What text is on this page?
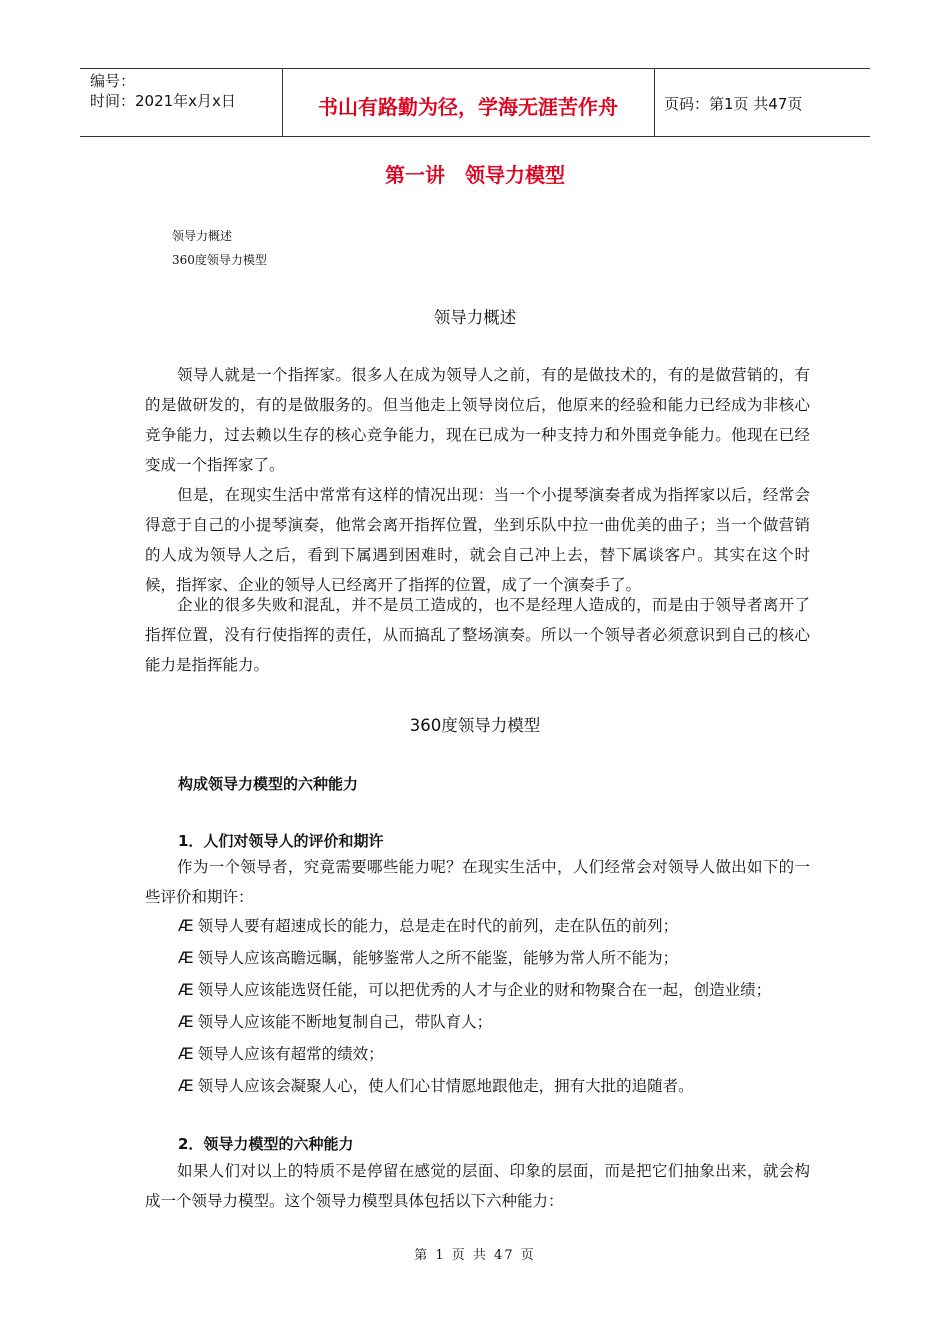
编号：
时间：2021年x月x日	书山有路勤为径，学海无涯苦作舟	页码：第1页 共47页
第一讲　领导力模型
领导力概述
360度领导力模型
领导力概述
领导人就是一个指挥家。很多人在成为领导人之前，有的是做技术的，有的是做营销的，有的是做研发的，有的是做服务的。但当他走上领导岗位后，他原来的经验和能力已经成为非核心竞争能力，过去赖以生存的核心竞争能力，现在已成为一种支持力和外围竞争能力。他现在已经变成一个指挥家了。
但是，在现实生活中常常有这样的情况出现：当一个小提琴演奏者成为指挥家以后，经常会得意于自己的小提琴演奏，他常会离开指挥位置，坐到乐队中拉一曲优美的曲子；当一个做营销的人成为领导人之后，看到下属遇到困难时，就会自己冲上去，替下属谈客户。其实在这个时候，指挥家、企业的领导人已经离开了指挥的位置，成了一个演奏手了。
企业的很多失败和混乱，并不是员工造成的，也不是经理人造成的，而是由于领导者离开了指挥位置，没有行使指挥的责任，从而搞乱了整场演奏。所以一个领导者必须意识到自己的核心能力是指挥能力。
360度领导力模型
构成领导力模型的六种能力
1．人们对领导人的评价和期许
作为一个领导者，究竟需要哪些能力呢？在现实生活中，人们经常会对领导人做出如下的一些评价和期许：
Æ 领导人要有超速成长的能力，总是走在时代的前列，走在队伍的前列；
Æ 领导人应该高瞻远瞩，能够鉴常人之所不能鉴，能够为常人所不能为；
Æ 领导人应该能选贤任能，可以把优秀的人才与企业的财和物聚合在一起，创造业绩；
Æ 领导人应该能不断地复制自己，带队育人；
Æ 领导人应该有超常的绩效；
Æ 领导人应该会凝聚人心，使人们心甘情愿地跟他走，拥有大批的追随者。
2．领导力模型的六种能力
如果人们对以上的特质不是停留在感觉的层面、印象的层面，而是把它们抽象出来，就会构成一个领导力模型。这个领导力模型具体包括以下六种能力：
第 1 页 共 47 页
